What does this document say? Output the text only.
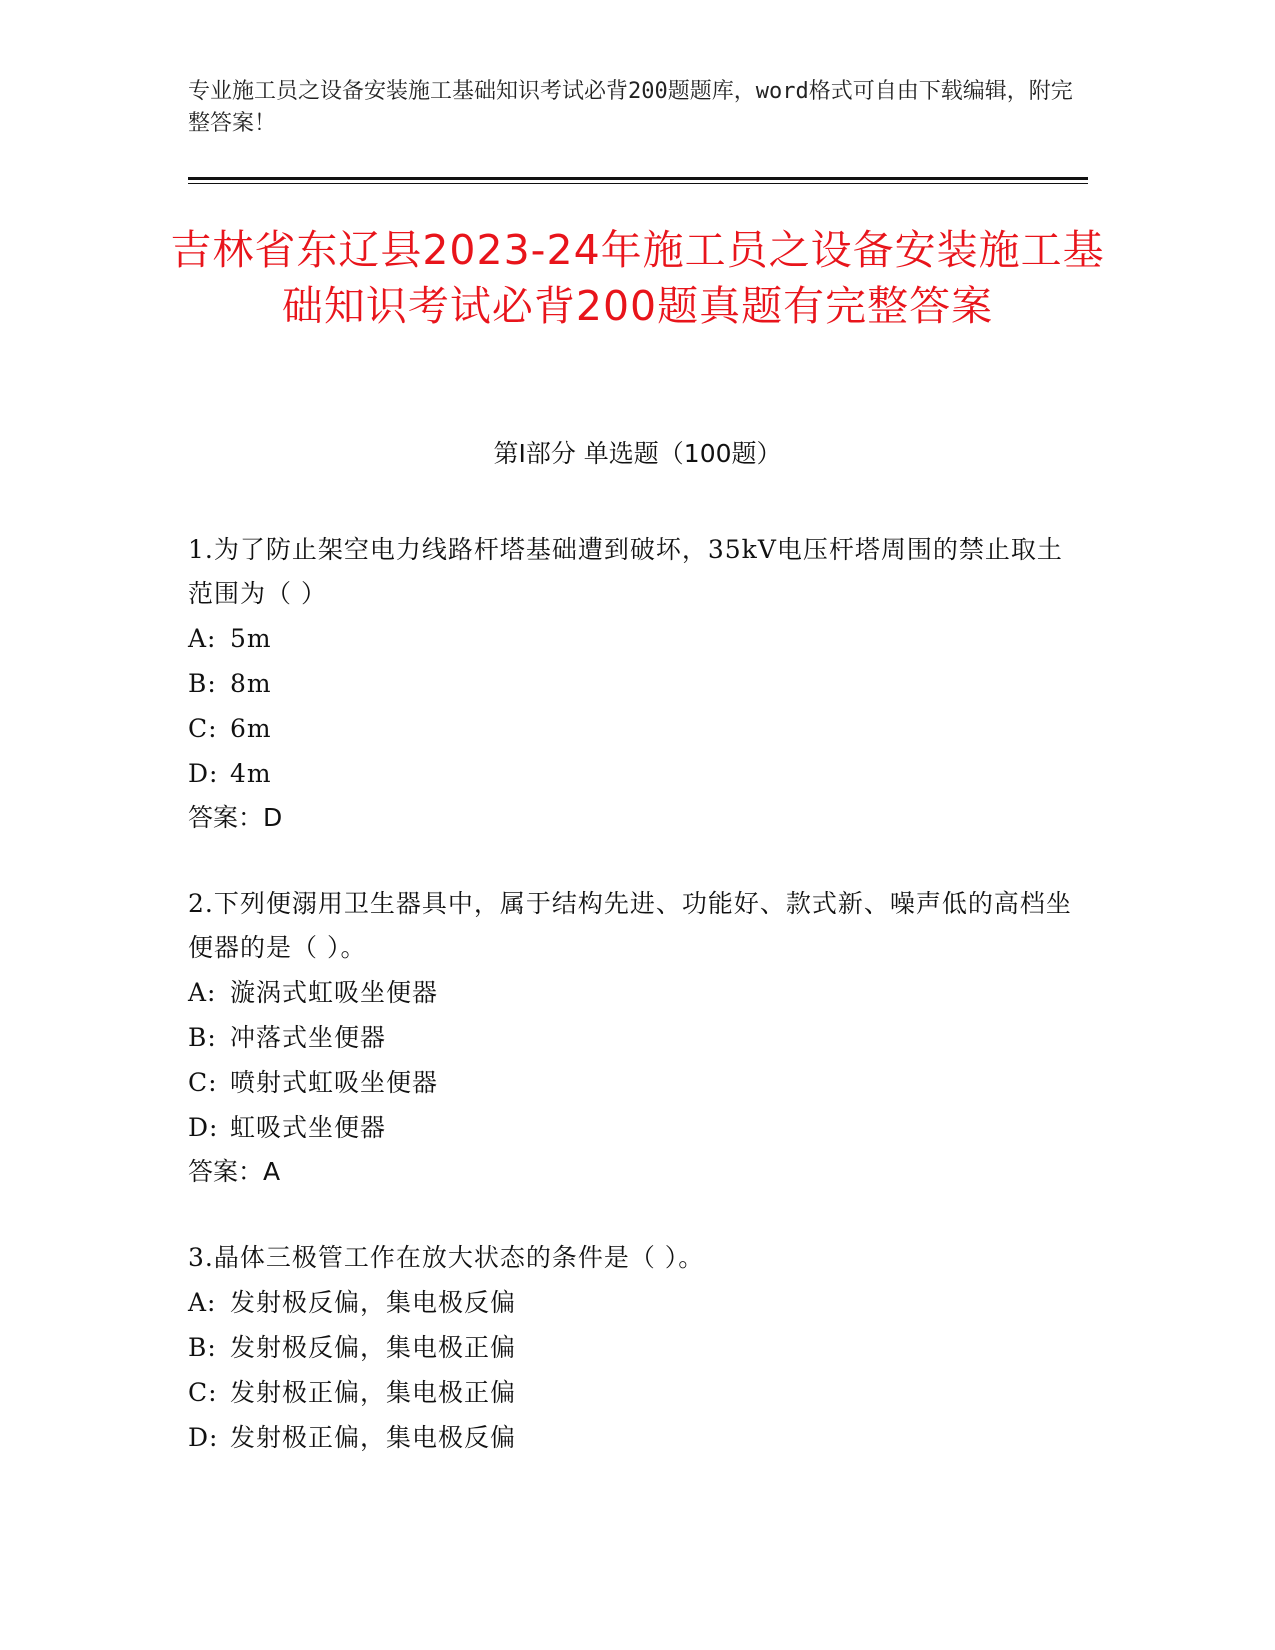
专业施工员之设备安装施工基础知识考试必背200题题库，word格式可自由下载编辑，附完整答案！
吉林省东辽县2023-24年施工员之设备安装施工基础知识考试必背200题真题有完整答案
第I部分 单选题（100题）
1.为了防止架空电力线路杆塔基础遭到破坏，35kV电压杆塔周围的禁止取土范围为（ ）
A: 5m
B: 8m
C: 6m
D: 4m
答案：D
2.下列便溺用卫生器具中，属于结构先进、功能好、款式新、噪声低的高档坐便器的是（ ）。
A: 漩涡式虹吸坐便器
B: 冲落式坐便器
C: 喷射式虹吸坐便器
D: 虹吸式坐便器
答案：A
3.晶体三极管工作在放大状态的条件是（ ）。
A: 发射极反偏，集电极反偏
B: 发射极反偏，集电极正偏
C: 发射极正偏，集电极正偏
D: 发射极正偏，集电极反偏
